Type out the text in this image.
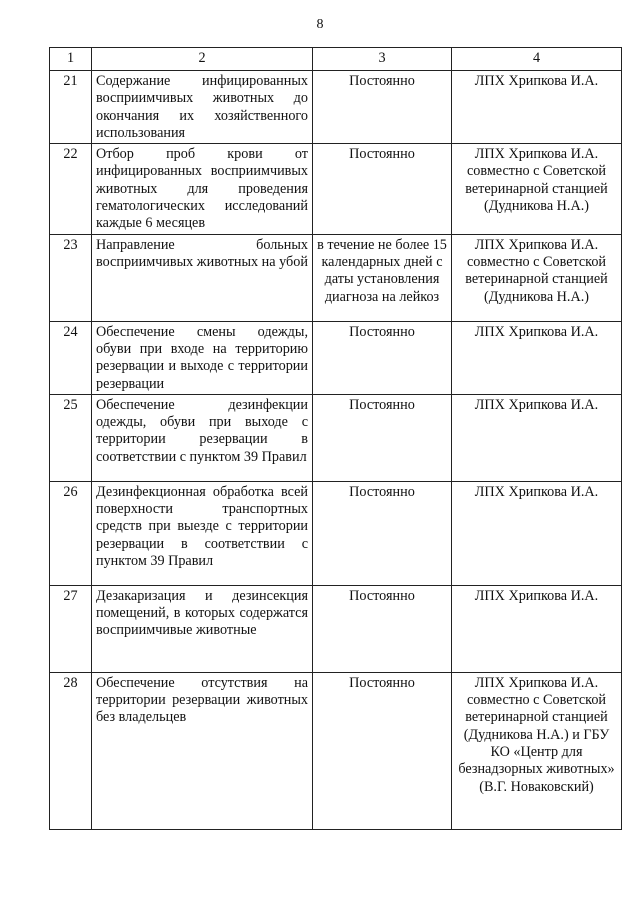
8
1	2	3	4
21	Содержание инфицированных восприимчивых животных до окончания их хозяйственного использования	Постоянно	ЛПХ Хрипкова И.А.
22	Отбор проб крови от инфицированных восприимчивых животных для проведения гематологических исследований каждые 6 месяцев	Постоянно	ЛПХ Хрипкова И.А. совместно с Советской ветеринарной станцией (Дудникова Н.А.)
23	Направление больных восприимчивых животных на убой	в течение не более 15 календарных дней с даты установления диагноза на лейкоз	ЛПХ Хрипкова И.А. совместно с Советской ветеринарной станцией (Дудникова Н.А.)
24	Обеспечение смены одежды, обуви при входе на территорию резервации и выходе с территории резервации	Постоянно	ЛПХ Хрипкова И.А.
25	Обеспечение дезинфекции одежды, обуви при выходе с территории резервации в соответствии с пунктом 39 Правил	Постоянно	ЛПХ Хрипкова И.А.
26	Дезинфекционная обработка всей поверхности транспортных средств при выезде с территории резервации в соответствии с пунктом 39 Правил	Постоянно	ЛПХ Хрипкова И.А.
27	Дезакаризация и дезинсекция помещений, в которых содержатся восприимчивые животные	Постоянно	ЛПХ Хрипкова И.А.
28	Обеспечение отсутствия на территории резервации животных без владельцев	Постоянно	ЛПХ Хрипкова И.А. совместно с Советской ветеринарной станцией (Дудникова Н.А.) и ГБУ КО «Центр для безнадзорных животных» (В.Г. Новаковский)
